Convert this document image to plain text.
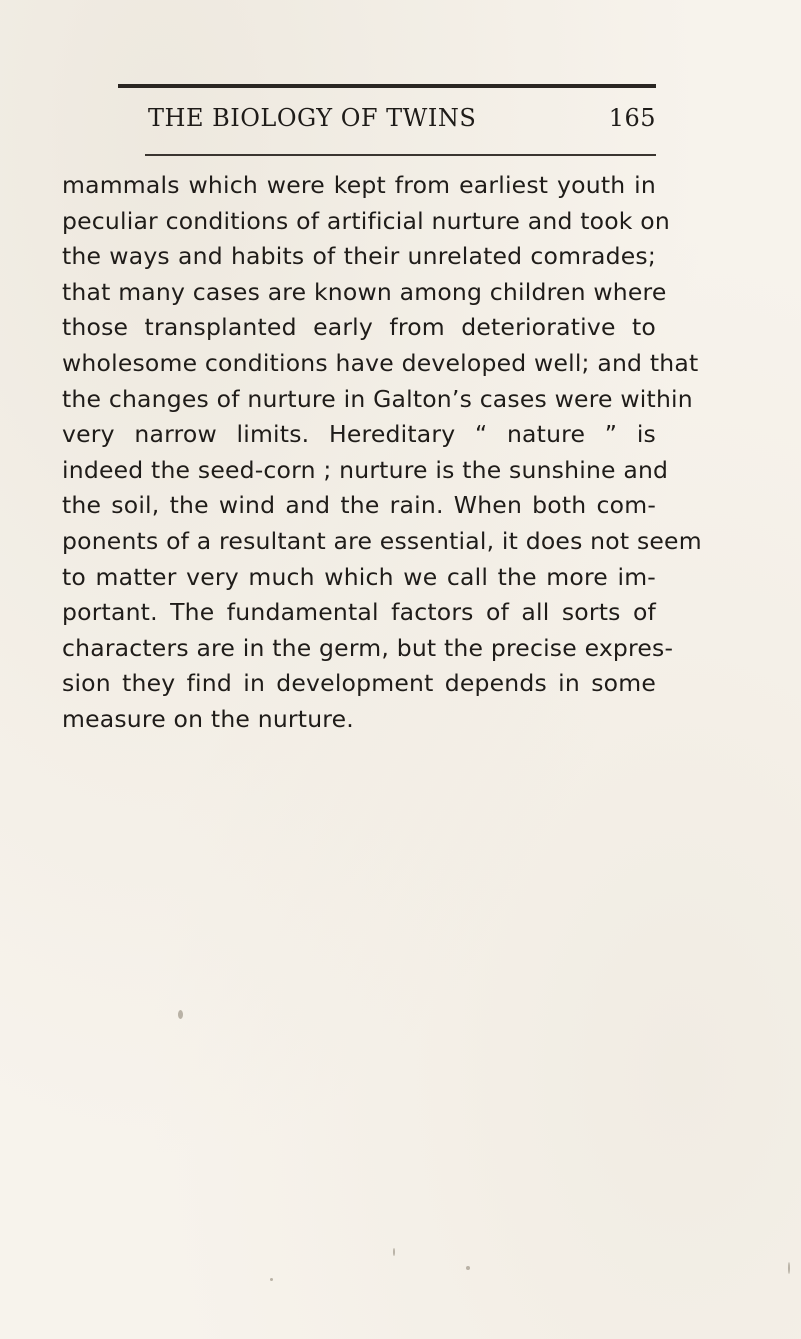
THE BIOLOGY OF TWINS	165
mammals which were kept from earliest youth in
peculiar conditions of artificial nurture and took on
the ways and habits of their unrelated comrades;
that many cases are known among children where
those transplanted early from deteriorative to
wholesome conditions have developed well; and that
the changes of nurture in Galton’s cases were within
very narrow limits. Hereditary “ nature ” is
indeed the seed-corn ; nurture is the sunshine and
the soil, the wind and the rain. When both com-
ponents of a resultant are essential, it does not seem
to matter very much which we call the more im-
portant. The fundamental factors of all sorts of
characters are in the germ, but the precise expres-
sion they find in development depends in some
measure on the nurture.
